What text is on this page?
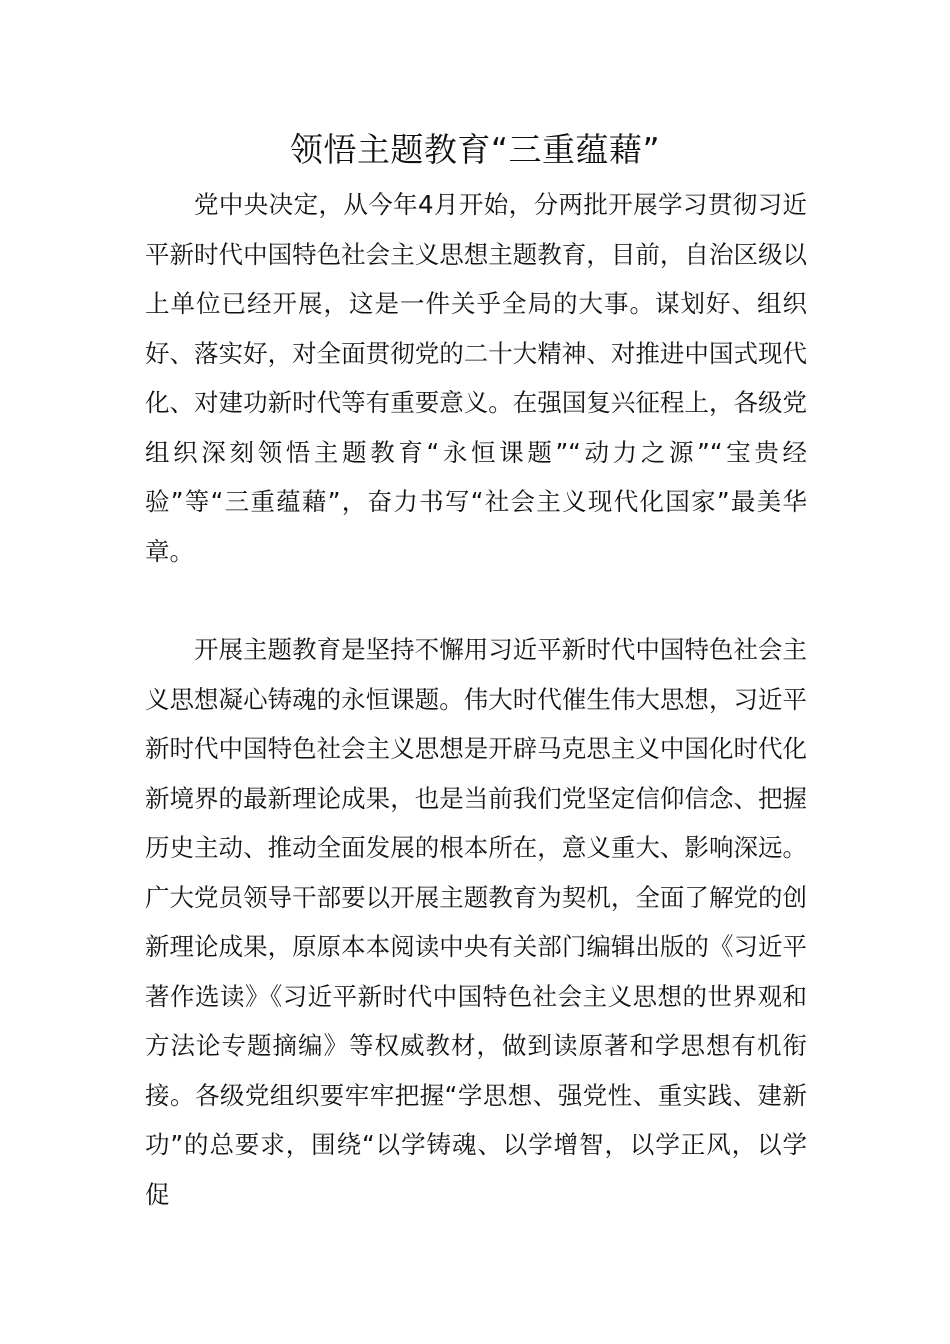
领悟主题教育“三重蕴藉”

党中央决定，从今年4月开始，分两批开展学习贯彻习近平新时代中国特色社会主义思想主题教育，目前，自治区级以上单位已经开展，这是一件关乎全局的大事。谋划好、组织好、落实好，对全面贯彻党的二十大精神、对推进中国式现代化、对建功新时代等有重要意义。在强国复兴征程上，各级党组织深刻领悟主题教育“永恒课题”“动力之源”“宝贵经验”等“三重蕴藉”，奋力书写“社会主义现代化国家”最美华章。

开展主题教育是坚持不懈用习近平新时代中国特色社会主义思想凝心铸魂的永恒课题。伟大时代催生伟大思想，习近平新时代中国特色社会主义思想是开辟马克思主义中国化时代化新境界的最新理论成果，也是当前我们党坚定信仰信念、把握历史主动、推动全面发展的根本所在，意义重大、影响深远。广大党员领导干部要以开展主题教育为契机，全面了解党的创新理论成果，原原本本阅读中央有关部门编辑出版的《习近平著作选读》《习近平新时代中国特色社会主义思想的世界观和方法论专题摘编》等权威教材，做到读原著和学思想有机衔接。各级党组织要牢牢把握“学思想、强党性、重实践、建新功”的总要求，围绕“以学铸魂、以学增智，以学正风，以学促
